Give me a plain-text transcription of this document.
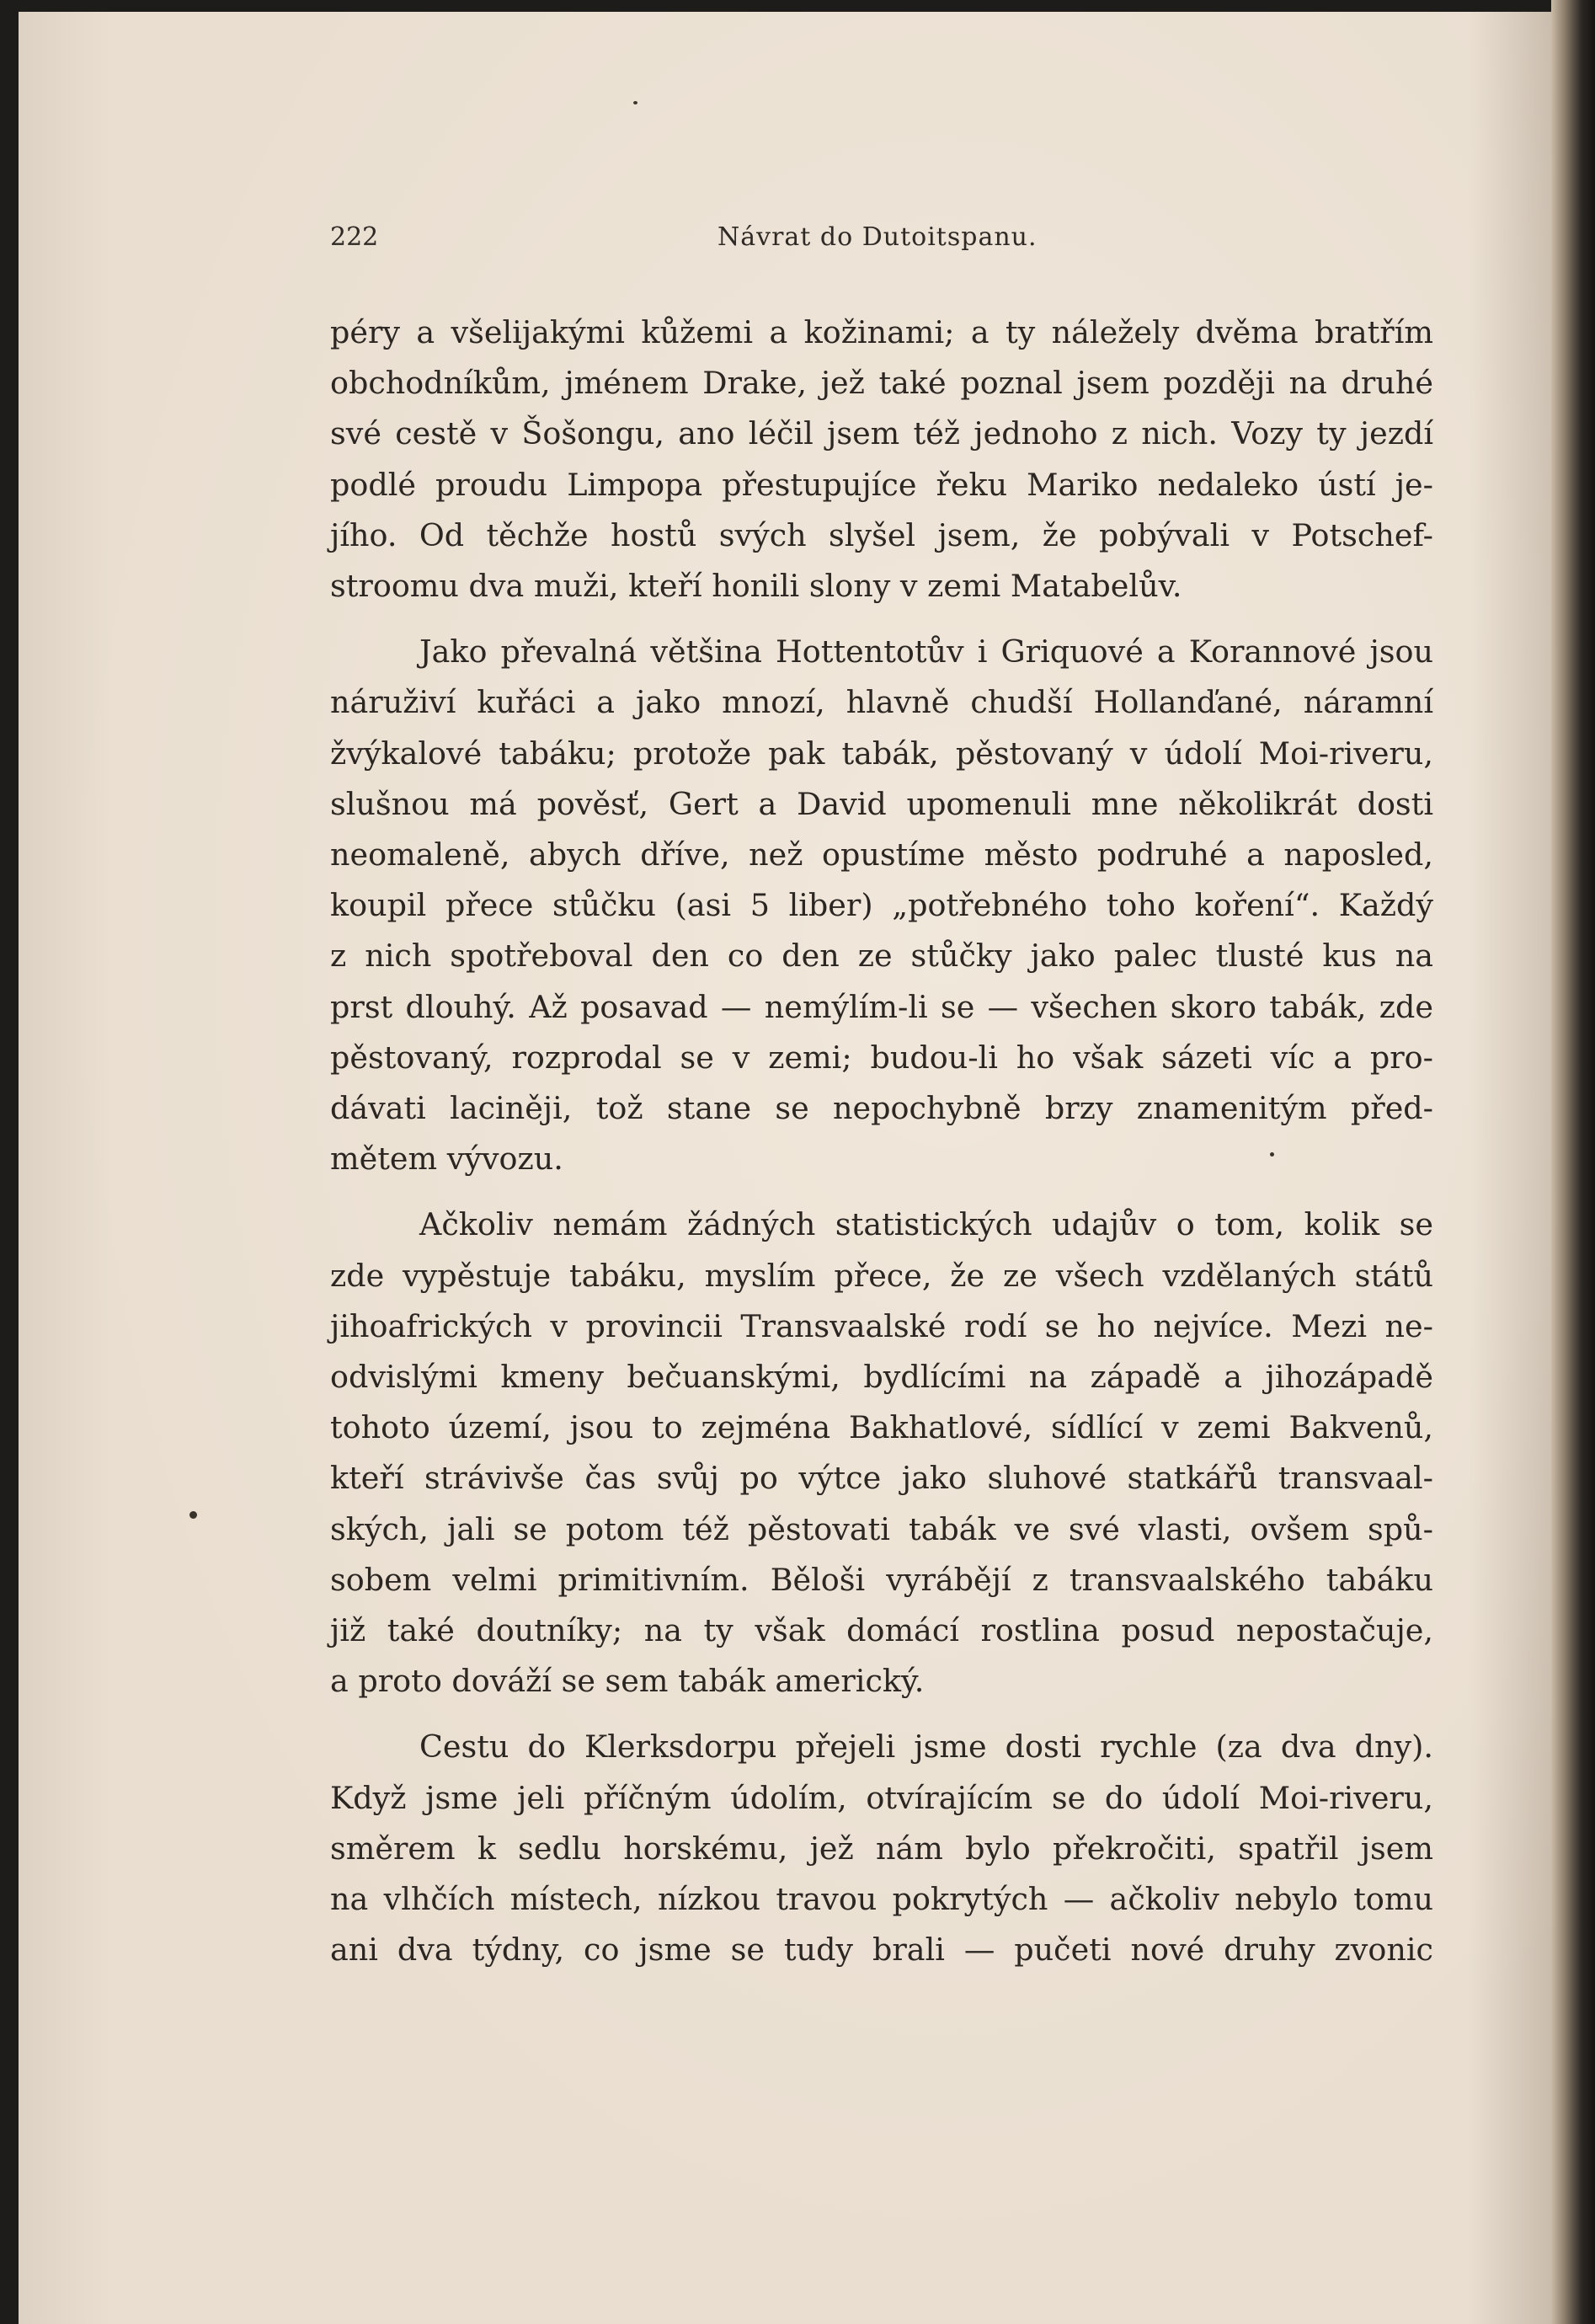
222	Návrat do Dutoitspanu.
péry a všelijakými kůžemi a kožinami; a ty náležely dvěma bratřím
obchodníkům, jménem Drake, jež také poznal jsem později na druhé
své cestě v Šošongu, ano léčil jsem též jednoho z nich. Vozy ty jezdí
podlé proudu Limpopa přestupujíce řeku Mariko nedaleko ústí je-
jího. Od těchže hostů svých slyšel jsem, že pobývali v Potschef-
stroomu dva muži, kteří honili slony v zemi Matabelův.
Jako převalná většina Hottentotův i Griquové a Korannové jsou
náruživí kuřáci a jako mnozí, hlavně chudší Hollanďané, náramní
žvýkalové tabáku; protože pak tabák, pěstovaný v údolí Moi-riveru,
slušnou má pověsť, Gert a David upomenuli mne několikrát dosti
neomaleně, abych dříve, než opustíme město podruhé a naposled,
koupil přece stůčku (asi 5 liber) „potřebného toho koření“. Každý
z nich spotřeboval den co den ze stůčky jako palec tlusté kus na
prst dlouhý. Až posavad — nemýlím-li se — všechen skoro tabák, zde
pěstovaný, rozprodal se v zemi; budou-li ho však sázeti víc a pro-
dávati laciněji, tož stane se nepochybně brzy znamenitým před-
mětem vývozu.
Ačkoliv nemám žádných statistických udajův o tom, kolik se
zde vypěstuje tabáku, myslím přece, že ze všech vzdělaných států
jihoafrických v provincii Transvaalské rodí se ho nejvíce. Mezi ne-
odvislými kmeny bečuanskými, bydlícími na západě a jihozápadě
tohoto území, jsou to zejména Bakhatlové, sídlící v zemi Bakvenů,
kteří strávivše čas svůj po výtce jako sluhové statkářů transvaal-
ských, jali se potom též pěstovati tabák ve své vlasti, ovšem spů-
sobem velmi primitivním. Běloši vyrábějí z transvaalského tabáku
již také doutníky; na ty však domácí rostlina posud nepostačuje,
a proto dováží se sem tabák americký.
Cestu do Klerksdorpu přejeli jsme dosti rychle (za dva dny).
Když jsme jeli příčným údolím, otvírajícím se do údolí Moi-riveru,
směrem k sedlu horskému, jež nám bylo překročiti, spatřil jsem
na vlhčích místech, nízkou travou pokrytých — ačkoliv nebylo tomu
ani dva týdny, co jsme se tudy brali — pučeti nové druhy zvonic
